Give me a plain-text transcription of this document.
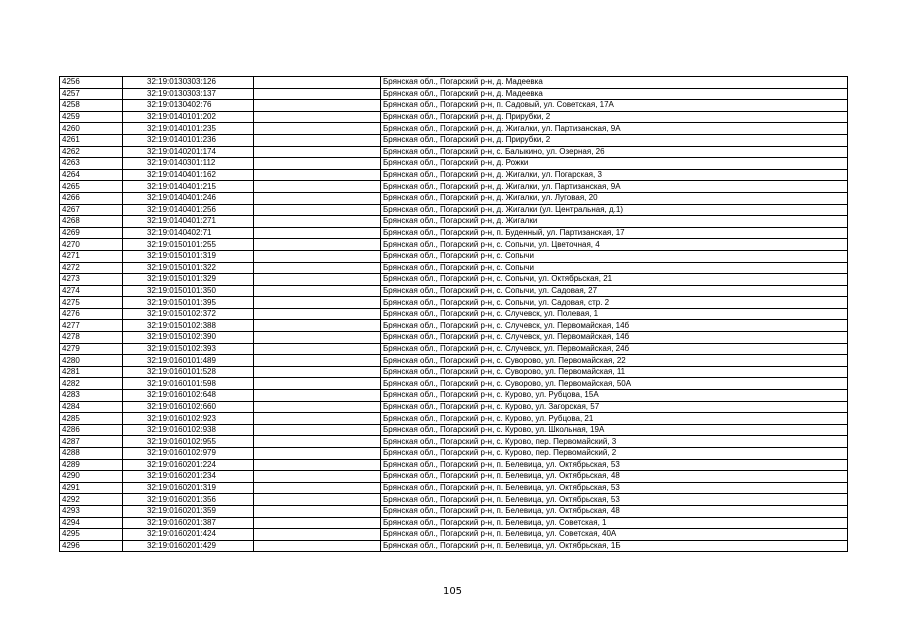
4256	32:19:0130303:126		Брянская обл., Погарский р-н, д. Мадеевка
4257	32:19:0130303:137		Брянская обл., Погарский р-н, д. Мадеевка
4258	32:19:0130402:76		Брянская обл., Погарский р-н, п. Садовый, ул. Советская, 17А
4259	32:19:0140101:202		Брянская обл., Погарский р-н, д. Прирубки, 2
4260	32:19:0140101:235		Брянская обл., Погарский р-н, д. Жигалки, ул. Партизанская, 9А
4261	32:19:0140101:236		Брянская обл., Погарский р-н, д. Прирубки, 2
4262	32:19:0140201:174		Брянская обл., Погарский р-н, с. Балыкино, ул. Озерная, 26
4263	32:19:0140301:112		Брянская обл., Погарский р-н, д. Рожки
4264	32:19:0140401:162		Брянская обл., Погарский р-н, д. Жигалки, ул. Погарская, 3
4265	32:19:0140401:215		Брянская обл., Погарский р-н, д. Жигалки, ул. Партизанская, 9А
4266	32:19:0140401:246		Брянская обл., Погарский р-н, д. Жигалки, ул. Луговая, 20
4267	32:19:0140401:256		Брянская обл., Погарский р-н, д. Жигалки (ул. Центральная, д.1)
4268	32:19:0140401:271		Брянская обл., Погарский р-н, д. Жигалки
4269	32:19:0140402:71		Брянская обл., Погарский р-н, п. Буденный, ул. Партизанская, 17
4270	32:19:0150101:255		Брянская обл., Погарский р-н, с. Сопычи, ул. Цветочная, 4
4271	32:19:0150101:319		Брянская обл., Погарский р-н, с. Сопычи
4272	32:19:0150101:322		Брянская обл., Погарский р-н, с. Сопычи
4273	32:19:0150101:329		Брянская обл., Погарский р-н, с. Сопычи, ул. Октябрьская, 21
4274	32:19:0150101:350		Брянская обл., Погарский р-н, с. Сопычи, ул. Садовая, 27
4275	32:19:0150101:395		Брянская обл., Погарский р-н, с. Сопычи, ул. Садовая, стр. 2
4276	32:19:0150102:372		Брянская обл., Погарский р-н, с. Случевск, ул. Полевая, 1
4277	32:19:0150102:388		Брянская обл., Погарский р-н, с. Случевск, ул. Первомайская, 14б
4278	32:19:0150102:390		Брянская обл., Погарский р-н, с. Случевск, ул. Первомайская, 14б
4279	32:19:0150102:393		Брянская обл., Погарский р-н, с. Случевск, ул. Первомайская, 24б
4280	32:19:0160101:489		Брянская обл., Погарский р-н, с. Суворово, ул. Первомайская, 22
4281	32:19:0160101:528		Брянская обл., Погарский р-н, с. Суворово, ул. Первомайская, 11
4282	32:19:0160101:598		Брянская обл., Погарский р-н, с. Суворово, ул. Первомайская, 50А
4283	32:19:0160102:648		Брянская обл., Погарский р-н, с. Курово, ул. Рубцова, 15А
4284	32:19:0160102:660		Брянская обл., Погарский р-н, с. Курово, ул. Загорская, 57
4285	32:19:0160102:923		Брянская обл., Погарский р-н, с. Курово, ул. Рубцова, 21
4286	32:19:0160102:938		Брянская обл., Погарский р-н, с. Курово, ул. Школьная, 19А
4287	32:19:0160102:955		Брянская обл., Погарский р-н, с. Курово, пер. Первомайский, 3
4288	32:19:0160102:979		Брянская обл., Погарский р-н, с. Курово, пер. Первомайский, 2
4289	32:19:0160201:224		Брянская обл., Погарский р-н, п. Белевица, ул. Октябрьская, 53
4290	32:19:0160201:234		Брянская обл., Погарский р-н, п. Белевица, ул. Октябрьская, 48
4291	32:19:0160201:319		Брянская обл., Погарский р-н, п. Белевица, ул. Октябрьская, 53
4292	32:19:0160201:356		Брянская обл., Погарский р-н, п. Белевица, ул. Октябрьская, 53
4293	32:19:0160201:359		Брянская обл., Погарский р-н, п. Белевица, ул. Октябрьская, 48
4294	32:19:0160201:387		Брянская обл., Погарский р-н, п. Белевица, ул. Советская, 1
4295	32:19:0160201:424		Брянская обл., Погарский р-н, п. Белевица, ул. Советская, 40А
4296	32:19:0160201:429		Брянская обл., Погарский р-н, п. Белевица, ул. Октябрьская, 1Б
105
